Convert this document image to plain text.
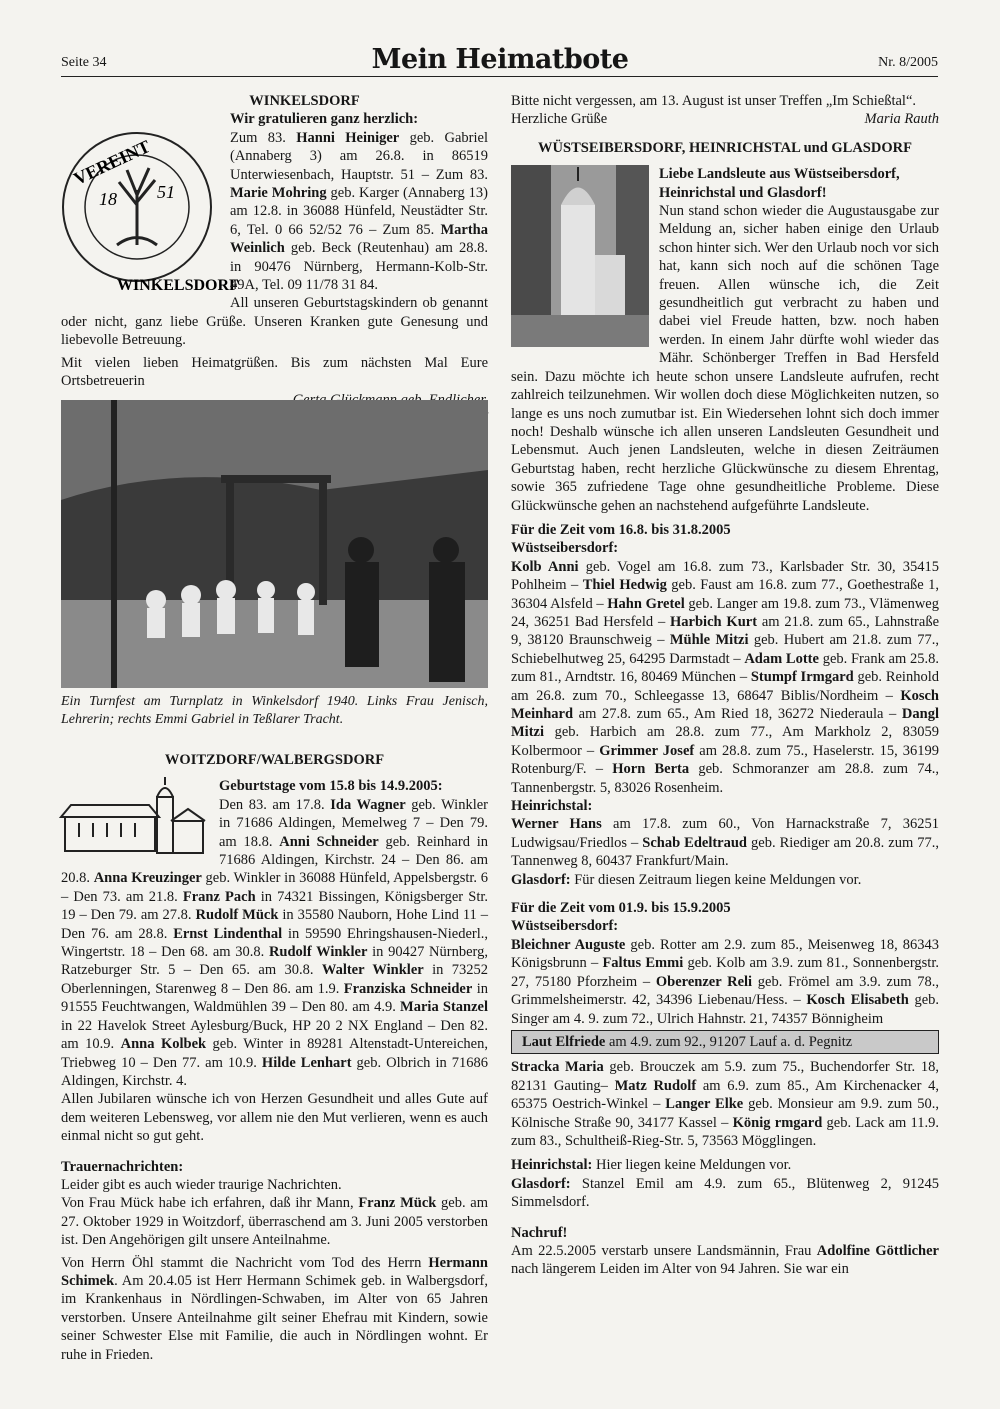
Seite 34	Mein Heimatbote	Nr. 8/2005

WINKELSDORF

18 51
VEREINT
WINKELSDORF

Wir gratulieren ganz herzlich:

Zum 83. Hanni Heiniger geb. Gabriel (Annaberg 3) am 26.8. in 86519 Unterwiesenbach, Hauptstr. 51 – Zum 83. Marie Mohring geb. Karger (Annaberg 13) am 12.8. in 36088 Hünfeld, Neustädter Str. 6, Tel. 0 66 52/52 76 – Zum 85. Martha Weinlich geb. Beck (Reutenhau) am 28.8. in 90476 Nürnberg, Hermann-Kolb-Str. 49A, Tel. 09 11/78 31 84.

All unseren Geburtstagskindern ob genannt oder nicht, ganz liebe Grüße. Unseren Kranken gute Genesung und liebevolle Betreuung.

Mit vielen lieben Heimatgrüßen. Bis zum nächsten Mal Eure Ortsbetreuerin

Ein Turnfest am Turnplatz in Winkelsdorf 1940. Links Frau Jenisch, Lehrerin; rechts Emmi Gabriel in Teßlarer Tracht.

WOITZDORF/WALBERGSDORF

Geburtstage vom 15.8 bis 14.9.2005:

Den 83. am 17.8. Ida Wagner geb. Winkler in 71686 Aldingen, Memelweg 7 – Den 79. am 18.8. Anni Schneider geb. Reinhard in 71686 Aldingen, Kirchstr. 24 – Den 86. am 20.8. Anna Kreuzinger geb. Winkler in 36088 Hünfeld, Appelsbergstr. 6 – Den 73. am 21.8. Franz Pach in 74321 Bissingen, Königsberger Str. 19 – Den 79. am 27.8. Rudolf Mück in 35580 Nauborn, Hohe Lind 11 – Den 76. am 28.8. Ernst Lindenthal in 59590 Ehringshausen-Niederl., Wingertstr. 18 – Den 68. am 30.8. Rudolf Winkler in 90427 Nürnberg, Ratzeburger Str. 5 – Den 65. am 30.8. Walter Winkler in 73252 Oberlenningen, Starenweg 8 – Den 86. am 1.9. Franziska Schneider in 91555 Feuchtwangen, Waldmühlen 39 – Den 80. am 4.9. Maria Stanzel in 22 Havelok Street Aylesburg/Buck, HP 20 2 NX England – Den 82. am 10.9. Anna Kolbek geb. Winter in 89281 Altenstadt-Untereichen, Triebweg 10 – Den 77. am 10.9. Hilde Lenhart geb. Olbrich in 71686 Aldingen, Kirchstr. 4.

Allen Jubilaren wünsche ich von Herzen Gesundheit und alles Gute auf dem weiteren Lebensweg, vor allem nie den Mut verlieren, wenn es auch einmal nicht so gut geht.

Trauernachrichten:

Leider gibt es auch wieder traurige Nachrichten.

Von Frau Mück habe ich erfahren, daß ihr Mann, Franz Mück geb. am 27. Oktober 1929 in Woitzdorf, überraschend am 3. Juni 2005 verstorben ist. Den Angehörigen gilt unsere Anteilnahme.

Von Herrn Öhl stammt die Nachricht vom Tod des Herrn Hermann Schimek. Am 20.4.05 ist Herr Hermann Schimek geb. in Walbergsdorf, im Krankenhaus in Nördlingen-Schwaben, im Alter von 65 Jahren verstorben. Unsere Anteilnahme gilt seiner Ehefrau mit Kindern, sowie seiner Schwester Else mit Familie, die auch in Nördlingen wohnt. Er ruhe in Frieden.

Bitte nicht vergessen, am 13. August ist unser Treffen „Im Schießtal“.

Herzliche Grüße	Maria Rauth

WÜSTSEIBERSDORF, HEINRICHSTAL und GLASDORF

Liebe Landsleute aus Wüstseibersdorf, Heinrichstal und Glasdorf!

Nun stand schon wieder die Augustausgabe zur Meldung an, sicher haben einige den Urlaub schon hinter sich. Wer den Urlaub noch vor sich hat, kann sich noch auf die schönen Tage freuen. Allen wünsche ich, die Zeit gesundheitlich gut verbracht zu haben und dabei viel Freude hatten, bzw. noch haben werden. In einem Jahr dürfte wohl wieder das Mähr. Schönberger Treffen in Bad Hersfeld sein. Dazu möchte ich heute schon unsere Landsleute aufrufen, recht zahlreich teilzunehmen. Wir wollen doch diese Möglichkeiten nutzen, so lange es uns noch zumutbar ist. Ein Wiedersehen lohnt sich doch immer noch! Deshalb wünsche ich allen unseren Landsleuten Gesundheit und Lebensmut. Auch jenen Landsleuten, welche in diesen Zeiträumen Geburtstag haben, recht herzliche Glückwünsche zu diesem Ehrentag, sowie 365 zufriedene Tage ohne gesundheitliche Probleme. Diese Glückwünsche gehen an nachstehend aufgeführte Landsleute.

Für die Zeit vom 16.8. bis 31.8.2005

Wüstseibersdorf:

Kolb Anni geb. Vogel am 16.8. zum 73., Karlsbader Str. 30, 35415 Pohlheim – Thiel Hedwig geb. Faust am 16.8. zum 77., Goethestraße 1, 36304 Alsfeld – Hahn Gretel geb. Langer am 19.8. zum 73., Vlämenweg 24, 36251 Bad Hersfeld – Harbich Kurt am 21.8. zum 65., Lahnstraße 9, 38120 Braunschweig – Mühle Mitzi geb. Hubert am 21.8. zum 77., Schiebelhutweg 25, 64295 Darmstadt – Adam Lotte geb. Frank am 25.8. zum 81., Arndtstr. 16, 80469 München – Stumpf Irmgard geb. Reinhold am 26.8. zum 70., Schleegasse 13, 68647 Biblis/Nordheim – Kosch Meinhard am 27.8. zum 65., Am Ried 18, 36272 Niederaula – Dangl Mitzi geb. Harbich am 28.8. zum 77., Am Markholz 2, 83059 Kolbermoor – Grimmer Josef am 28.8. zum 75., Haselerstr. 15, 36199 Rotenburg/F. – Horn Berta geb. Schmoranzer am 28.8. zum 74., Tannenbergstr. 5, 83026 Rosenheim.

Heinrichstal:

Werner Hans am 17.8. zum 60., Von Harnackstraße 7, 36251 Ludwigsau/Friedlos – Schab Edeltraud geb. Riediger am 20.8. zum 77., Tannenweg 8, 60437 Frankfurt/Main.

Glasdorf: Für diesen Zeitraum liegen keine Meldungen vor.

Für die Zeit vom 01.9. bis 15.9.2005

Wüstseibersdorf:

Bleichner Auguste geb. Rotter am 2.9. zum 85., Meisenweg 18, 86343 Königsbrunn – Faltus Emmi geb. Kolb am 3.9. zum 81., Sonnenbergstr. 27, 75180 Pforzheim – Oberenzer Reli geb. Frömel am 3.9. zum 78., Grimmelsheimerstr. 42, 34396 Liebenau/Hess. – Kosch Elisabeth geb. Singer am 4. 9. zum 72., Ulrich Hahnstr. 21, 74357 Bönnigheim

Laut Elfriede am 4.9. zum 92., 91207 Lauf a. d. Pegnitz

Stracka Maria geb. Brouczek am 5.9. zum 75., Buchendorfer Str. 18, 82131 Gauting– Matz Rudolf am 6.9. zum 85., Am Kirchenacker 4, 65375 Oestrich-Winkel – Langer Elke geb. Monsieur am 9.9. zum 50., Kölnische Straße 90, 34177 Kassel – König rmgard geb. Lack am 11.9. zum 83., Schultheiß-Rieg-Str. 5, 73563 Mögglingen.

Heinrichstal: Hier liegen keine Meldungen vor.

Glasdorf: Stanzel Emil am 4.9. zum 65., Blütenweg 2, 91245 Simmelsdorf.

Nachruf!

Am 22.5.2005 verstarb unsere Landsmännin, Frau Adolfine Göttlicher nach längerem Leiden im Alter von 94 Jahren. Sie war ein
